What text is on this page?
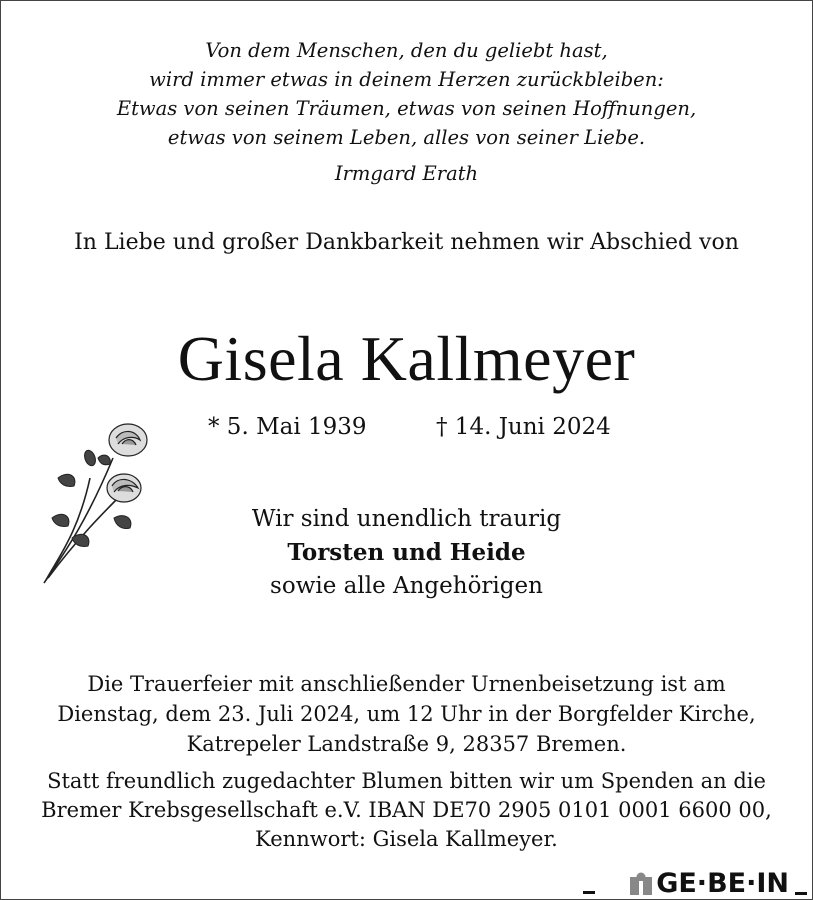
Von dem Menschen, den du geliebt hast,
wird immer etwas in deinem Herzen zurückbleiben:
Etwas von seinen Träumen, etwas von seinen Hoffnungen,
etwas von seinem Leben, alles von seiner Liebe.
Irmgard Erath
In Liebe und großer Dankbarkeit nehmen wir Abschied von
Gisela Kallmeyer
* 5. Mai 1939	† 14. Juni 2024
Wir sind unendlich traurig
Torsten und Heide
sowie alle Angehörigen
Die Trauerfeier mit anschließender Urnenbeisetzung ist am
Dienstag, dem 23. Juli 2024, um 12 Uhr in der Borgfelder Kirche,
Katrepeler Landstraße 9, 28357 Bremen.
Statt freundlich zugedachter Blumen bitten wir um Spenden an die
Bremer Krebsgesellschaft e.V. IBAN DE70 2905 0101 0001 6600 00,
Kennwort: Gisela Kallmeyer.
GE·BE·IN
